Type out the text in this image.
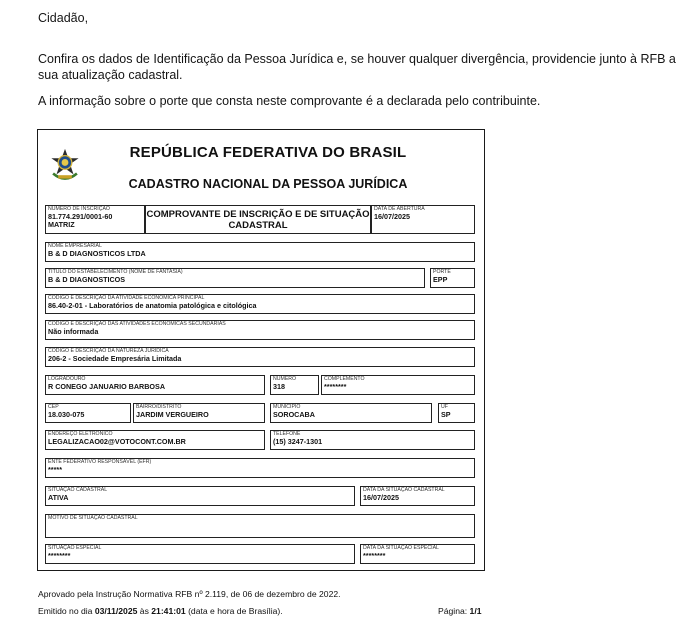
Cidadão,
Confira os dados de Identificação da Pessoa Jurídica e, se houver qualquer divergência, providencie junto à RFB a sua atualização cadastral.
A informação sobre o porte que consta neste comprovante é a declarada pelo contribuinte.
REPÚBLICA FEDERATIVA DO BRASIL
CADASTRO NACIONAL DA PESSOA JURÍDICA
NÚMERO DE INSCRIÇÃO
81.774.291/0001-60
MATRIZ
COMPROVANTE DE INSCRIÇÃO E DE SITUAÇÃO CADASTRAL
DATA DE ABERTURA
16/07/2025
NOME EMPRESARIAL
B & D DIAGNOSTICOS LTDA
TÍTULO DO ESTABELECIMENTO (NOME DE FANTASIA)
B & D DIAGNOSTICOS
PORTE
EPP
CÓDIGO E DESCRIÇÃO DA ATIVIDADE ECONÔMICA PRINCIPAL
86.40-2-01 - Laboratórios de anatomia patológica e citológica
CÓDIGO E DESCRIÇÃO DAS ATIVIDADES ECONÔMICAS SECUNDÁRIAS
Não informada
CÓDIGO E DESCRIÇÃO DA NATUREZA JURÍDICA
206-2 - Sociedade Empresária Limitada
LOGRADOURO
R CONEGO JANUARIO BARBOSA
NÚMERO
318
COMPLEMENTO
********
CEP
18.030-075
BAIRRO/DISTRITO
JARDIM VERGUEIRO
MUNICÍPIO
SOROCABA
UF
SP
ENDEREÇO ELETRÔNICO
LEGALIZACAO02@VOTOCONT.COM.BR
TELEFONE
(15) 3247-1301
ENTE FEDERATIVO RESPONSÁVEL (EFR)
*****
SITUAÇÃO CADASTRAL
ATIVA
DATA DA SITUAÇÃO CADASTRAL
16/07/2025
MOTIVO DE SITUAÇÃO CADASTRAL
SITUAÇÃO ESPECIAL
********
DATA DA SITUAÇÃO ESPECIAL
********
Aprovado pela Instrução Normativa RFB nº 2.119, de 06 de dezembro de 2022.
Emitido no dia 03/11/2025 às 21:41:01 (data e hora de Brasília).	Página: 1/1
